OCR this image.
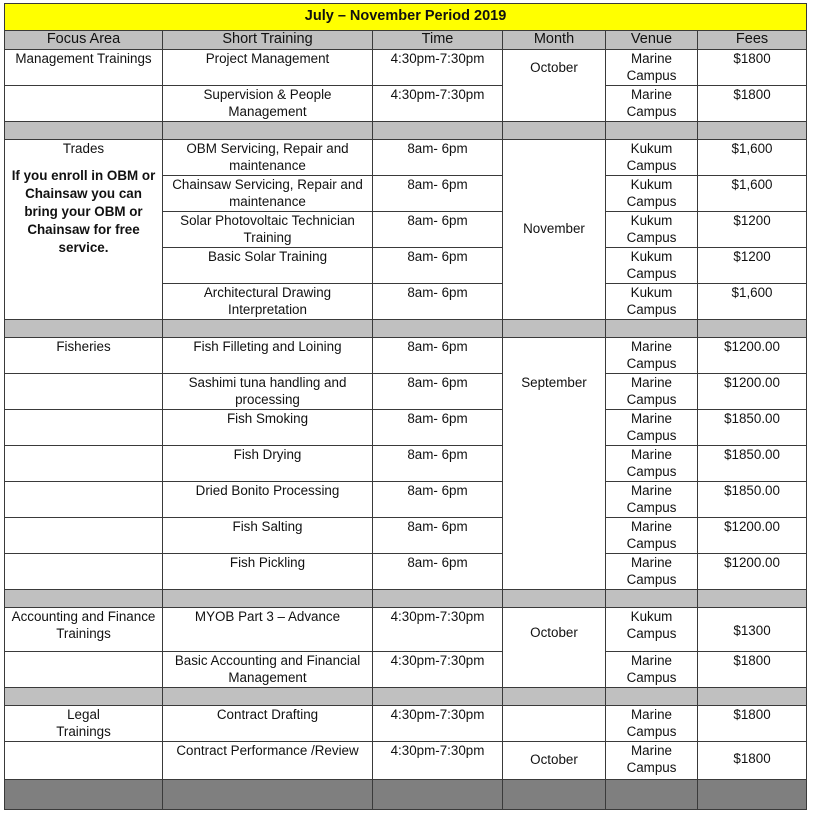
July – November Period 2019					
Focus Area	Short Training	Time	Month	Venue	Fees
Management Trainings	Project Management	4:30pm-7:30pm	October	Marine Campus	$1800
	Supervision & People Management	4:30pm-7:30pm		Marine Campus	$1800

Trades
If you enroll in OBM or Chainsaw you can bring your OBM or Chainsaw for free service.	OBM Servicing, Repair and maintenance	8am- 6pm	November	Kukum Campus	$1,600
	Chainsaw Servicing, Repair and maintenance	8am- 6pm		Kukum Campus	$1,600
	Solar Photovoltaic Technician Training	8am- 6pm		Kukum Campus	$1200
	Basic Solar Training	8am- 6pm		Kukum Campus	$1200
	Architectural Drawing Interpretation	8am- 6pm		Kukum Campus	$1,600

Fisheries	Fish Filleting and Loining	8am- 6pm	September	Marine Campus	$1200.00
	Sashimi tuna handling and processing	8am- 6pm		Marine Campus	$1200.00
	Fish Smoking	8am- 6pm		Marine Campus	$1850.00
	Fish Drying	8am- 6pm		Marine Campus	$1850.00
	Dried Bonito Processing	8am- 6pm		Marine Campus	$1850.00
	Fish Salting	8am- 6pm		Marine Campus	$1200.00
	Fish Pickling	8am- 6pm		Marine Campus	$1200.00

Accounting and Finance Trainings	MYOB Part 3 – Advance	4:30pm-7:30pm	October	Kukum Campus	$1300

	Basic Accounting and Financial Management	4:30pm-7:30pm		Marine Campus	$1800

Legal Trainings	Contract Drafting	4:30pm-7:30pm		Marine Campus	$1800
	Contract Performance /Review	4:30pm-7:30pm	October	Marine Campus	$1800
